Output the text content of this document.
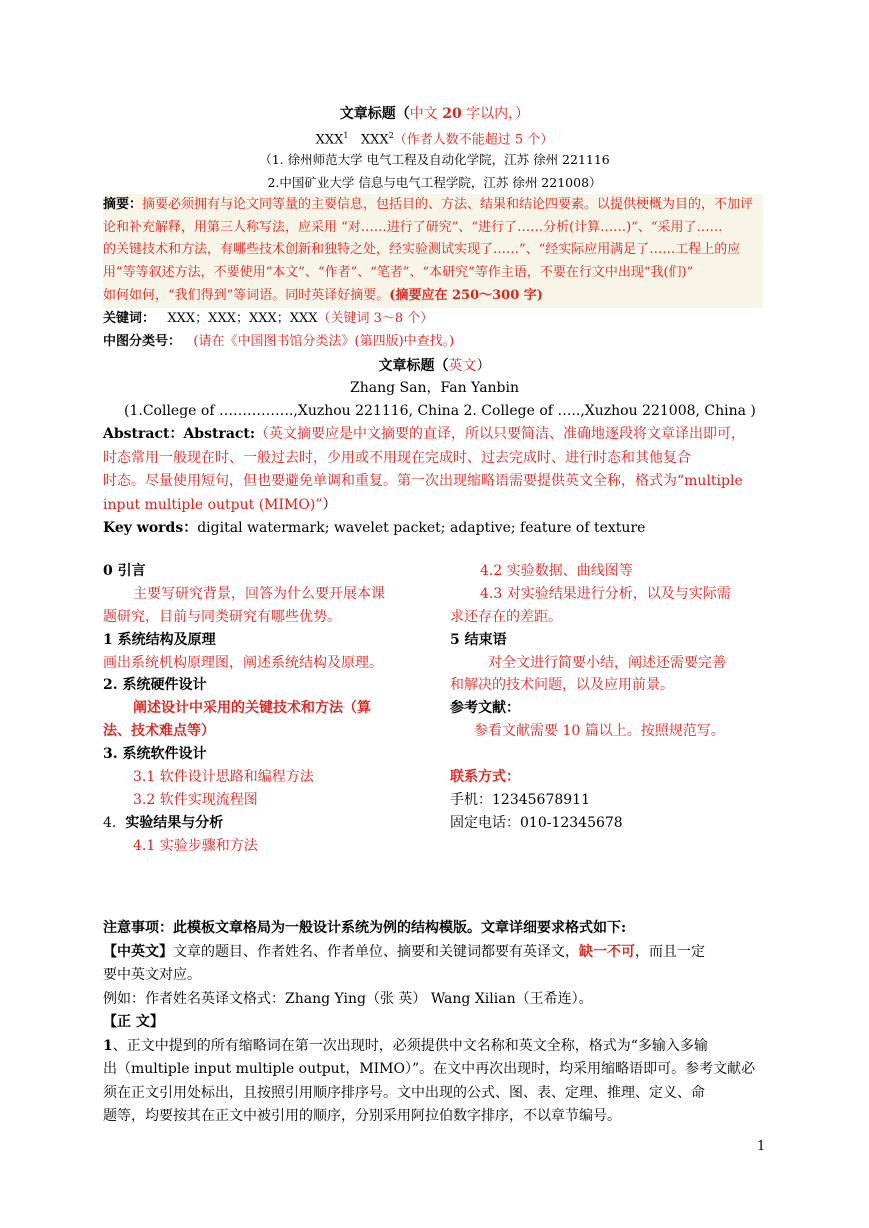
文章标题（中文 20 字以内，）
XXX$^1$ XXX$^2$（作者人数不能超过 5 个）
（1. 徐州师范大学 电气工程及自动化学院，江苏 徐州 221116
2.中国矿业大学 信息与电气工程学院，江苏 徐州 221008）

摘要：摘要必须拥有与论文同等量的主要信息，包括目的、方法、结果和结论四要素。以提供梗概为目的，不加评

论和补充解释，用第三人称写法，应采用 “对……进行了研究”、“进行了……分析(计算……)”、“采用了……

的关键技术和方法，有哪些技术创新和独特之处，经实验测试实现了……”、“经实际应用满足了……工程上的应

用”等等叙述方法，不要使用“本文”、“作者”、“笔者”、“本研究”等作主语，不要在行文中出现“我(们)”

如何如何，“我们得到”等词语。同时英译好摘要。(摘要应在 250～300 字)

关键词： XXX；XXX；XXX；XXX（关键词 3～8 个）
中图分类号： (请在《中国图书馆分类法》(第四版)中查找。)
文章标题（英文）
Zhang San，Fan Yanbin
(1.College of …………….,Xuzhou 221116, China 2. College of …..,Xuzhou 221008, China )

Abstract：Abstract:（英文摘要应是中文摘要的直译，所以只要简洁、准确地逐段将文章译出即可，

时态常用一般现在时、一般过去时，少用或不用现在完成时、过去完成时、进行时态和其他复合

时态。尽量使用短句，但也要避免单调和重复。第一次出现缩略语需要提供英文全称，格式为“multiple

input multiple output (MIMO)”）

Key words：digital watermark; wavelet packet; adaptive; feature of texture

0 引言
主要写研究背景，回答为什么要开展本课
题研究，目前与同类研究有哪些优势。
1 系统结构及原理
画出系统机构原理图，阐述系统结构及原理。
2. 系统硬件设计
阐述设计中采用的关键技术和方法（算
法、技术难点等）
3. 系统软件设计
3.1 软件设计思路和编程方法
3.2 软件实现流程图
4. 实验结果与分析
4.1 实验步骤和方法
4.2 实验数据、曲线图等
4.3 对实验结果进行分析，以及与实际需
求还存在的差距。
5 结束语
对全文进行简要小结，阐述还需要完善
和解决的技术问题，以及应用前景。
参考文献：
参看文献需要 10 篇以上。按照规范写。
联系方式：
手机：12345678911
固定电话：010-12345678
注意事项：此模板文章格局为一般设计系统为例的结构模版。文章详细要求格式如下:
【中英文】文章的题目、作者姓名、作者单位、摘要和关键词都要有英译文，缺一不可，而且一定
要中英文对应。
例如：作者姓名英译文格式：Zhang Ying（张 英） Wang Xilian（王希连）。
【正 文】
1、正文中提到的所有缩略词在第一次出现时，必须提供中文名称和英文全称，格式为“多输入多输
出（multiple input multiple output，MIMO）”。在文中再次出现时，均采用缩略语即可。参考文献必
须在正文引用处标出，且按照引用顺序排序号。文中出现的公式、图、表、定理、推理、定义、命
题等，均要按其在正文中被引用的顺序，分别采用阿拉伯数字排序，不以章节编号。
1
